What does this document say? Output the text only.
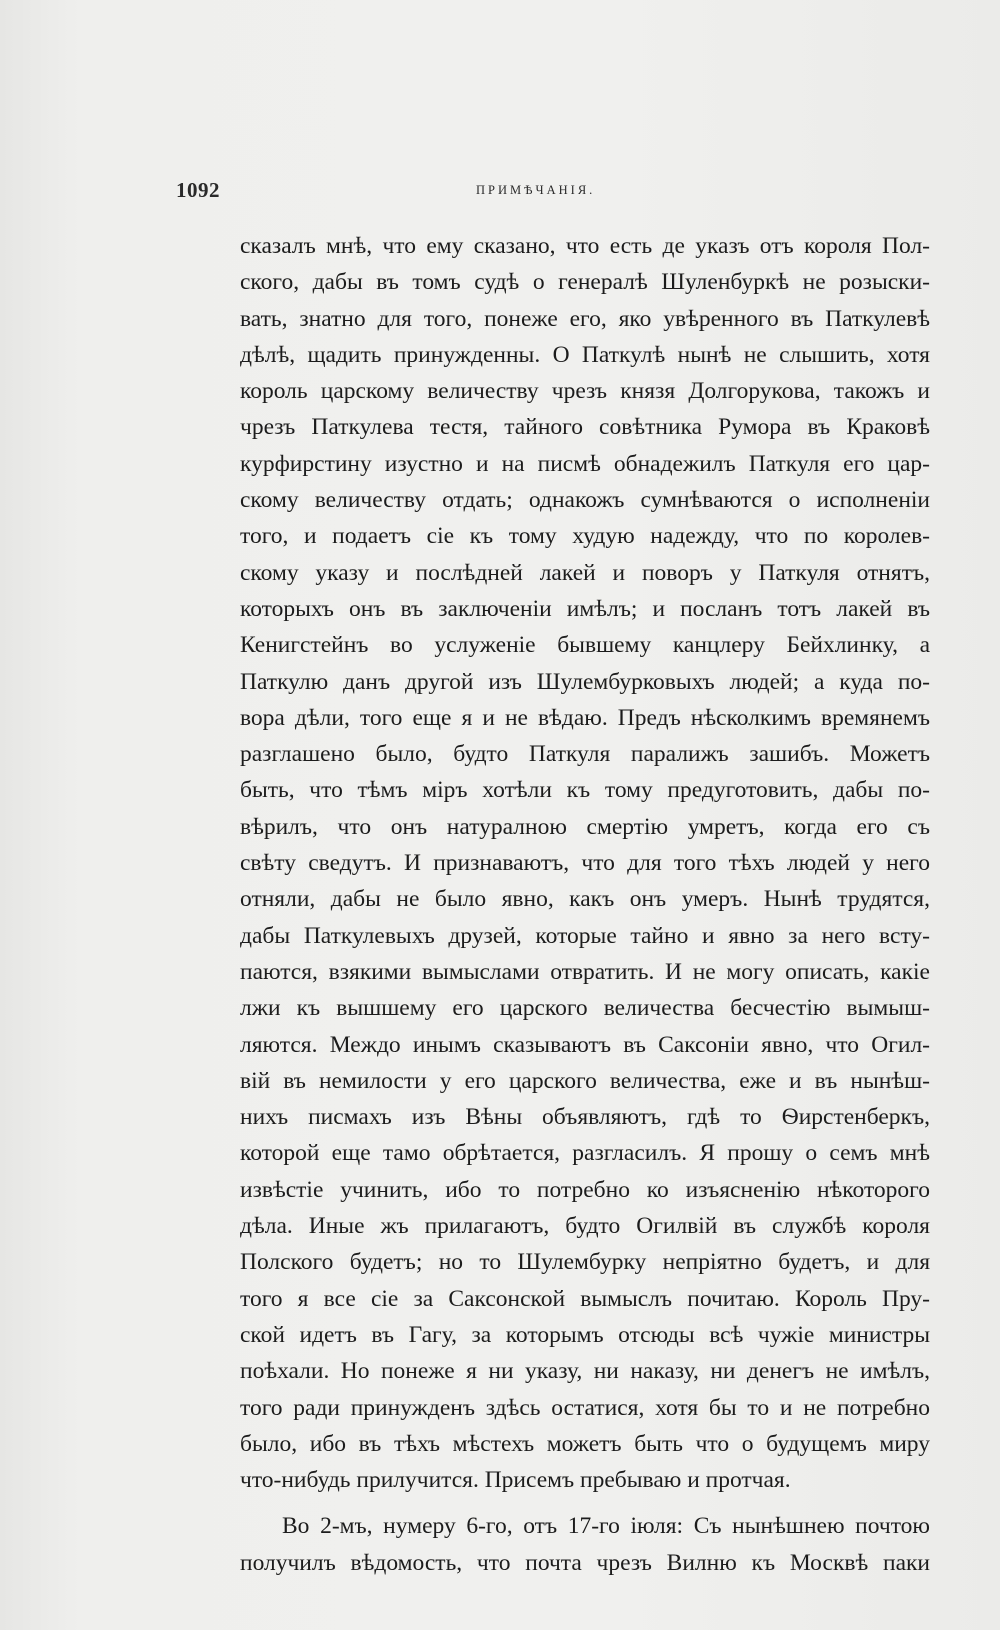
1092	ПРИМѢЧАНІЯ.
сказалъ мнѣ, что ему сказано, что есть де указъ отъ короля Пол-
ского, дабы въ томъ судѣ о генералѣ Шуленбуркѣ не розыски-
вать, знатно для того, понеже его, яко увѣренного въ Паткулевѣ
дѣлѣ, щадить принужденны. О Паткулѣ нынѣ не слышить, хотя
король царскому величеству чрезъ князя Долгорукова, такожъ и
чрезъ Паткулева тестя, тайного совѣтника Румора въ Краковѣ
курфирстину изустно и на писмѣ обнадежилъ Паткуля его цар-
скому величеству отдать; однакожъ сумнѣваются о исполненіи
того, и подаетъ сіе къ тому худую надежду, что по королев-
скому указу и послѣдней лакей и поворъ у Паткуля отнятъ,
которыхъ онъ въ заключеніи имѣлъ; и посланъ тотъ лакей въ
Кенигстейнъ во услуженіе бывшему канцлеру Бейхлинку, а
Паткулю данъ другой изъ Шулембурковыхъ людей; а куда по-
вора дѣли, того еще я и не вѣдаю. Предъ нѣсколкимъ времянемъ
разглашено было, будто Паткуля паралижъ зашибъ. Можетъ
быть, что тѣмъ міръ хотѣли къ тому предуготовить, дабы по-
вѣрилъ, что онъ натуралною смертію умретъ, когда его съ
свѣту сведутъ. И признаваютъ, что для того тѣхъ людей у него
отняли, дабы не было явно, какъ онъ умеръ. Нынѣ трудятся,
дабы Паткулевыхъ друзей, которые тайно и явно за него всту-
паются, взякими вымыслами отвратить. И не могу описать, какіе
лжи къ вышшему его царского величества бесчестію вымыш-
ляются. Междо инымъ сказываютъ въ Саксоніи явно, что Огил-
вій въ немилости у его царского величества, еже и въ нынѣш-
нихъ писмахъ изъ Вѣны объявляютъ, гдѣ то Ѳирстенберкъ,
которой еще тамо обрѣтается, разгласилъ. Я прошу о семъ мнѣ
извѣстіе учинить, ибо то потребно ко изъясненію нѣкоторого
дѣла. Иные жъ прилагаютъ, будто Огилвій въ службѣ короля
Полского будетъ; но то Шулембурку непріятно будетъ, и для
того я все сіе за Саксонской вымыслъ почитаю. Король Пру-
ской идетъ въ Гагу, за которымъ отсюды всѣ чужіе министры
поѣхали. Но понеже я ни указу, ни наказу, ни денегъ не имѣлъ,
того ради принужденъ здѣсь остатися, хотя бы то и не потребно
было, ибо въ тѣхъ мѣстехъ можетъ быть что о будущемъ миру
что-нибудь прилучится. Присемъ пребываю и протчая.
Во 2-мъ, нумеру 6-го, отъ 17-го іюля: Съ нынѣшнею почтою
получилъ вѣдомость, что почта чрезъ Вилню къ Москвѣ паки
